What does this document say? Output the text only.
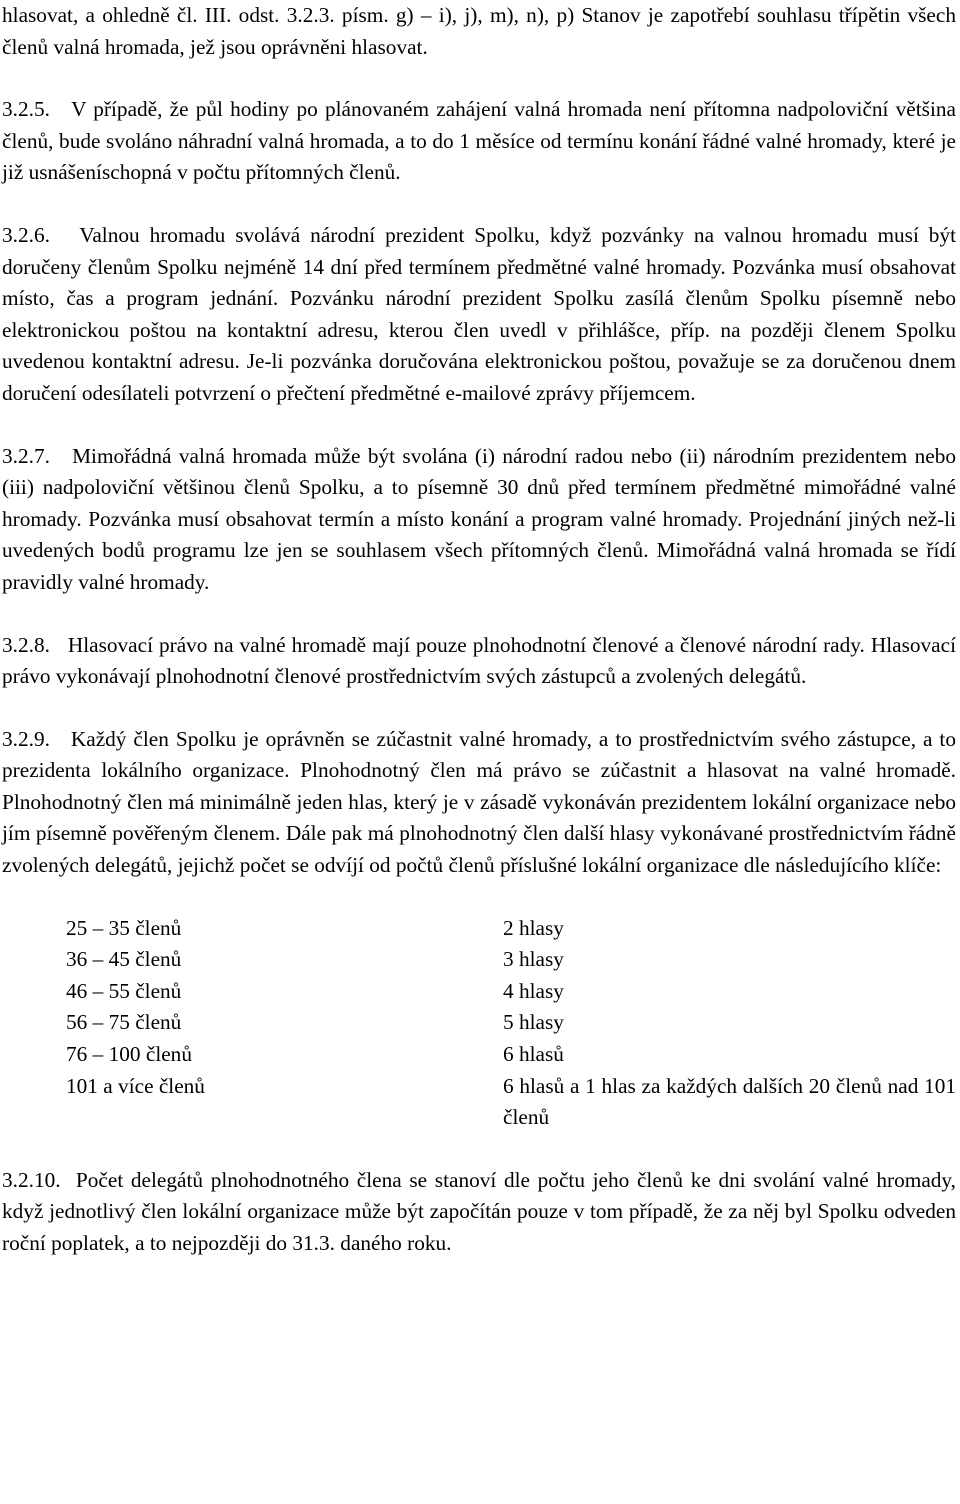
hlasovat, a ohledně čl. III. odst. 3.2.3. písm. g) – i), j), m), n), p) Stanov je zapotřebí souhlasu třípětin všech členů valná hromada, jež jsou oprávněni hlasovat.

3.2.5. V případě, že půl hodiny po plánovaném zahájení valná hromada není přítomna nadpoloviční většina členů, bude svoláno náhradní valná hromada, a to do 1 měsíce od termínu konání řádné valné hromady, které je již usnášeníschopná v počtu přítomných členů.

3.2.6. Valnou hromadu svolává národní prezident Spolku, když pozvánky na valnou hromadu musí být doručeny členům Spolku nejméně 14 dní před termínem předmětné valné hromady. Pozvánka musí obsahovat místo, čas a program jednání. Pozvánku národní prezident Spolku zasílá členům Spolku písemně nebo elektronickou poštou na kontaktní adresu, kterou člen uvedl v přihlášce, příp. na později členem Spolku uvedenou kontaktní adresu. Je-li pozvánka doručována elektronickou poštou, považuje se za doručenou dnem doručení odesílateli potvrzení o přečtení předmětné e-mailové zprávy příjemcem.

3.2.7. Mimořádná valná hromada může být svolána (i) národní radou nebo (ii) národním prezidentem nebo (iii) nadpoloviční většinou členů Spolku, a to písemně 30 dnů před termínem předmětné mimořádné valné hromady. Pozvánka musí obsahovat termín a místo konání a program valné hromady. Projednání jiných než-li uvedených bodů programu lze jen se souhlasem všech přítomných členů. Mimořádná valná hromada se řídí pravidly valné hromady.

3.2.8. Hlasovací právo na valné hromadě mají pouze plnohodnotní členové a členové národní rady. Hlasovací právo vykonávají plnohodnotní členové prostřednictvím svých zástupců a zvolených delegátů.

3.2.9. Každý člen Spolku je oprávněn se zúčastnit valné hromady, a to prostřednictvím svého zástupce, a to prezidenta lokálního organizace. Plnohodnotný člen má právo se zúčastnit a hlasovat na valné hromadě. Plnohodnotný člen má minimálně jeden hlas, který je v zásadě vykonáván prezidentem lokální organizace nebo jím písemně pověřeným členem. Dále pak má plnohodnotný člen další hlasy vykonávané prostřednictvím řádně zvolených delegátů, jejichž počet se odvíjí od počtů členů příslušné lokální organizace dle následujícího klíče:

25 – 35 členů	2 hlasy
36 – 45 členů	3 hlasy
46 – 55 členů	4 hlasy
56 – 75 členů	5 hlasy
76 – 100 členů	6 hlasů
101 a více členů	6 hlasů a 1 hlas za každých dalších 20 členů nad 101 členů

3.2.10. Počet delegátů plnohodnotného člena se stanoví dle počtu jeho členů ke dni svolání valné hromady, když jednotlivý člen lokální organizace může být započítán pouze v tom případě, že za něj byl Spolku odveden roční poplatek, a to nejpozději do 31.3. daného roku.
